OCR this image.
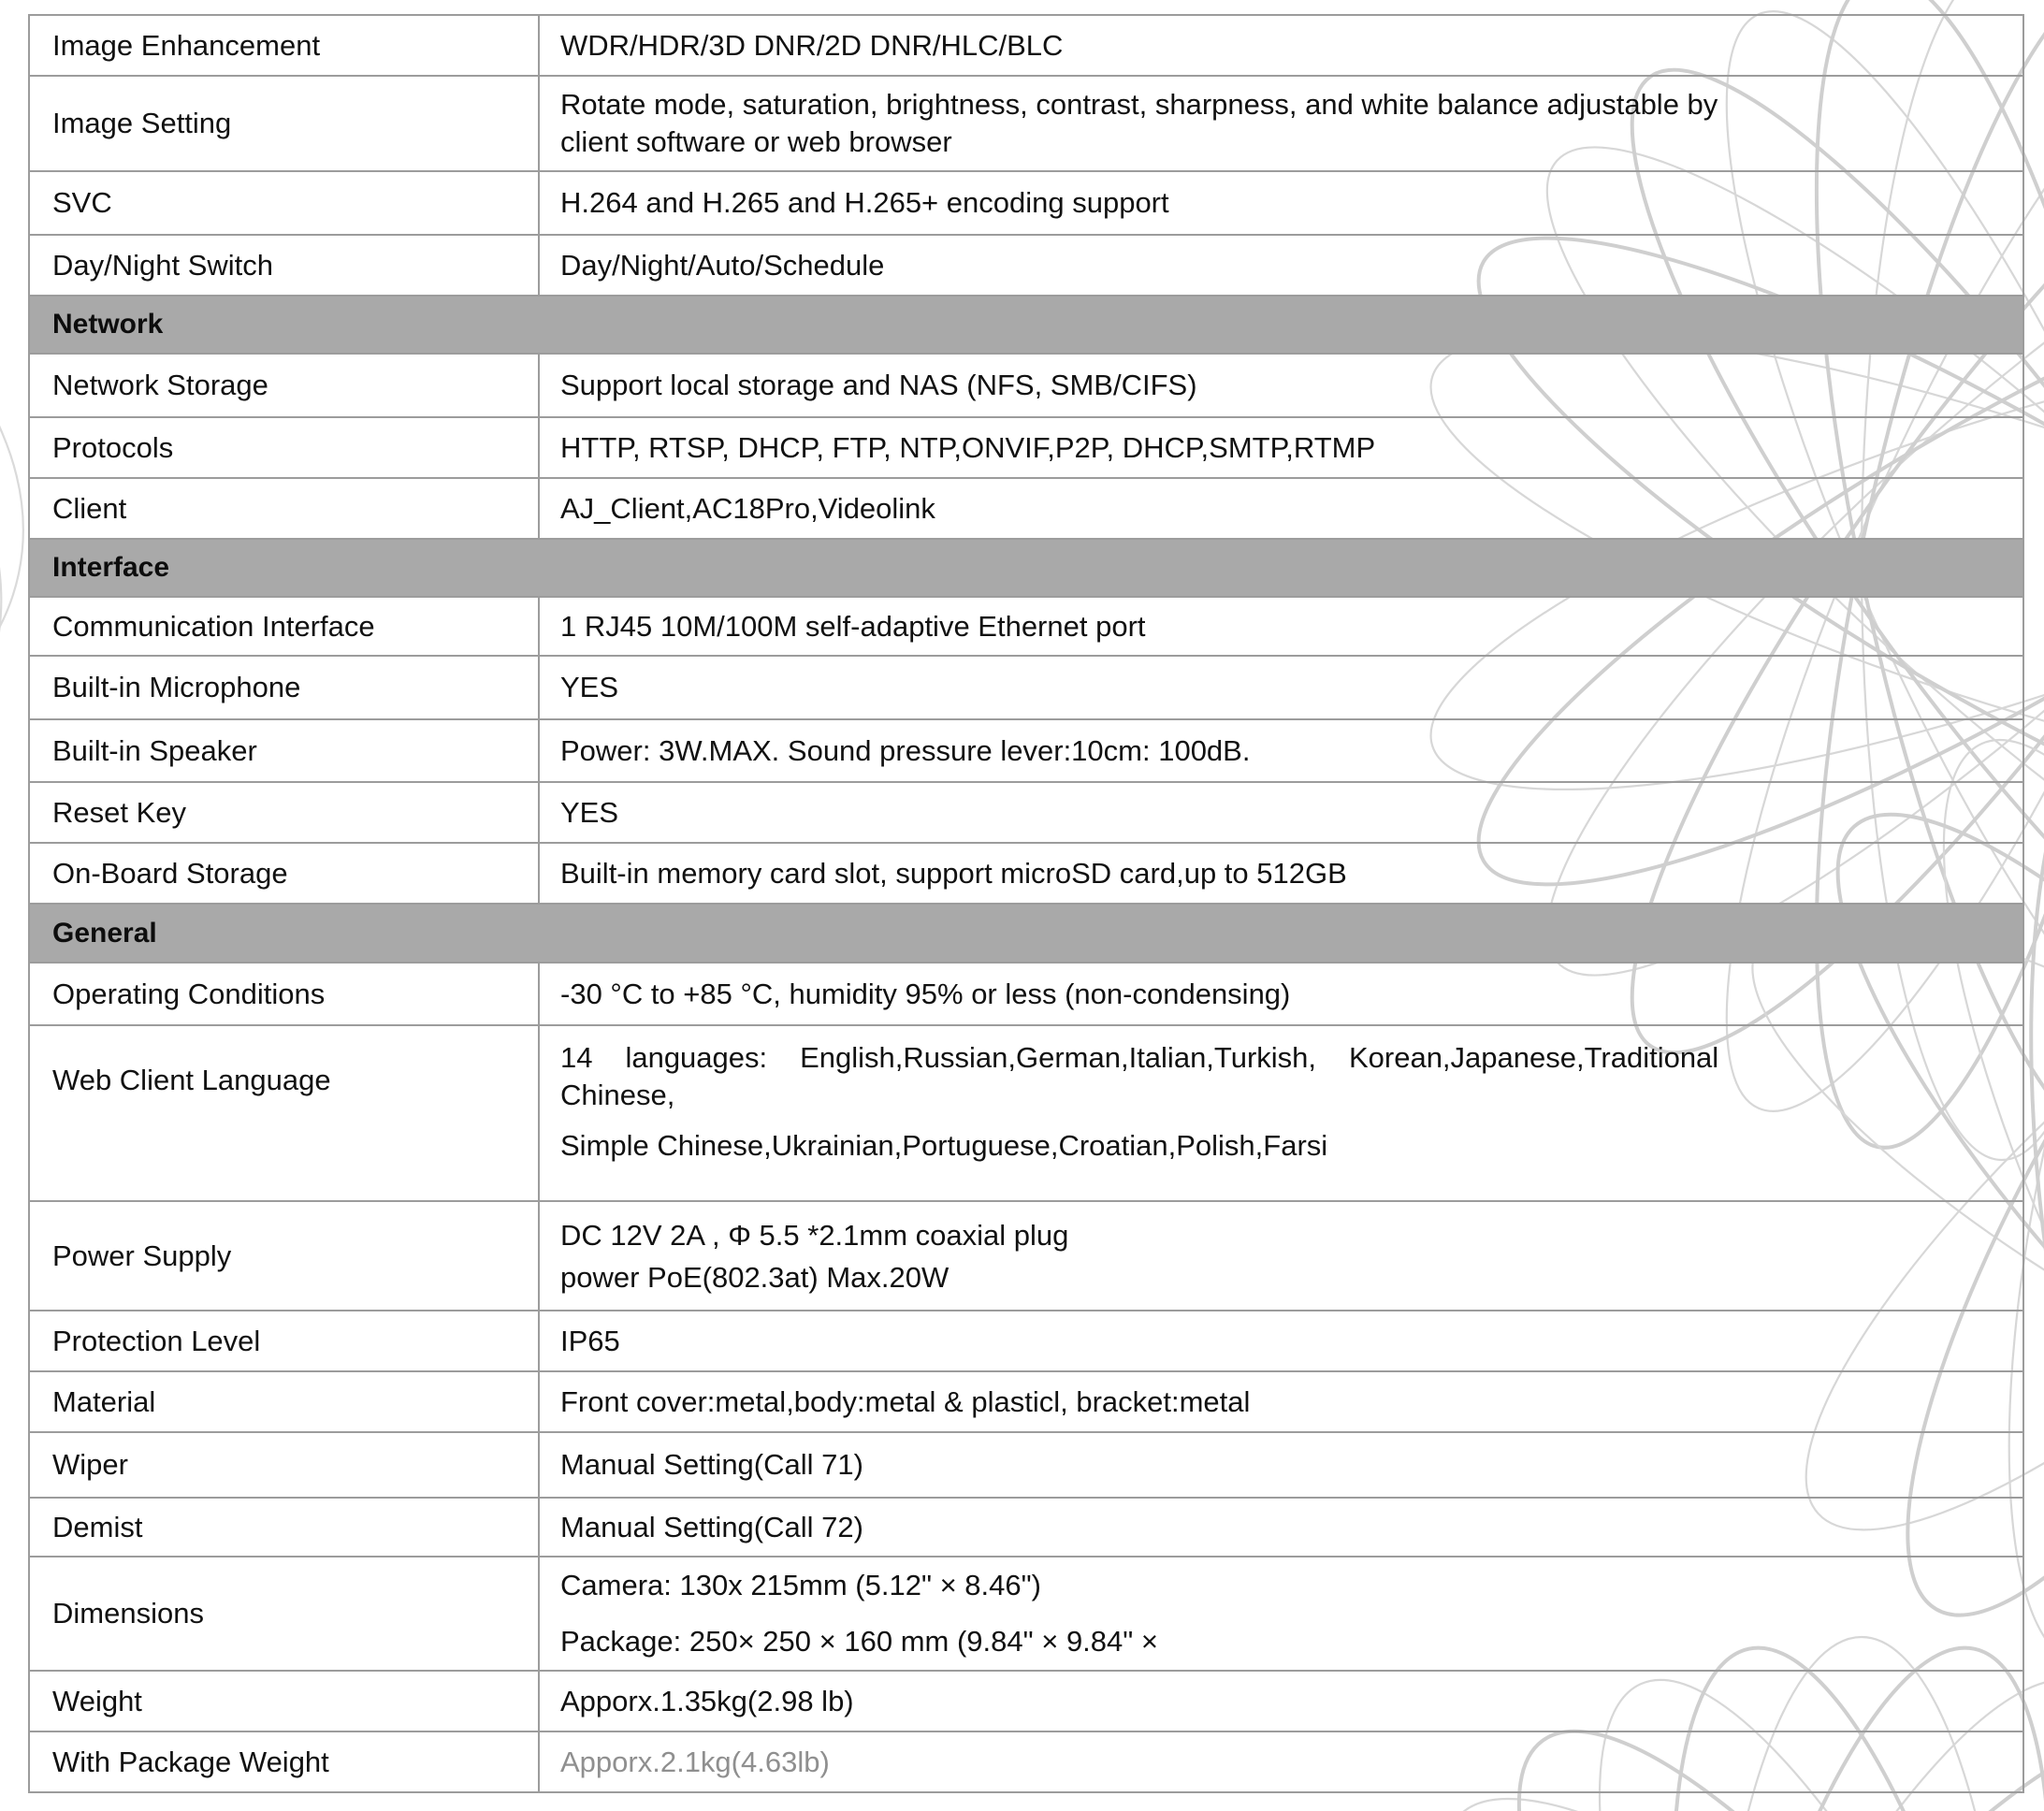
Image Enhancement	WDR/HDR/3D DNR/2D DNR/HLC/BLC
Image Setting	Rotate mode, saturation, brightness, contrast, sharpness, and white balance adjustable by
client software or web browser

SVC	H.264 and H.265 and H.265+ encoding support
Day/Night Switch	Day/Night/Auto/Schedule
Network	
Network Storage	Support local storage and NAS (NFS, SMB/CIFS)
Protocols	HTTP, RTSP, DHCP, FTP, NTP,ONVIF,P2P, DHCP,SMTP,RTMP
Client	AJ_Client,AC18Pro,Videolink
Interface	
Communication Interface	1 RJ45 10M/100M self-adaptive Ethernet port
Built-in Microphone	YES
Built-in Speaker	Power: 3W.MAX. Sound pressure lever:10cm: 100dB.
Reset Key	YES
On-Board Storage	Built-in memory card slot, support microSD card,up to 512GB
General	
Operating Conditions	-30 °C to +85 °C, humidity 95% or less (non-condensing)
Web Client Language	14 languages: English,Russian,German,Italian,Turkish, Korean,Japanese,Traditional
Chinese,
Simple Chinese,Ukrainian,Portuguese,Croatian,Polish,Farsi

Power Supply	DC 12V 2A , Φ 5.5 *2.1mm coaxial plug
power PoE(802.3at) Max.20W

Protection Level	IP65
Material	Front cover:metal,body:metal & plasticl, bracket:metal
Wiper	Manual Setting(Call 71)
Demist	Manual Setting(Call 72)
Dimensions	Camera: 130x 215mm (5.12" × 8.46")
Package: 250× 250 × 160 mm (9.84" × 9.84" ×

Weight	Apporx.1.35kg(2.98 lb)
With Package Weight	Apporx.2.1kg(4.63lb)
